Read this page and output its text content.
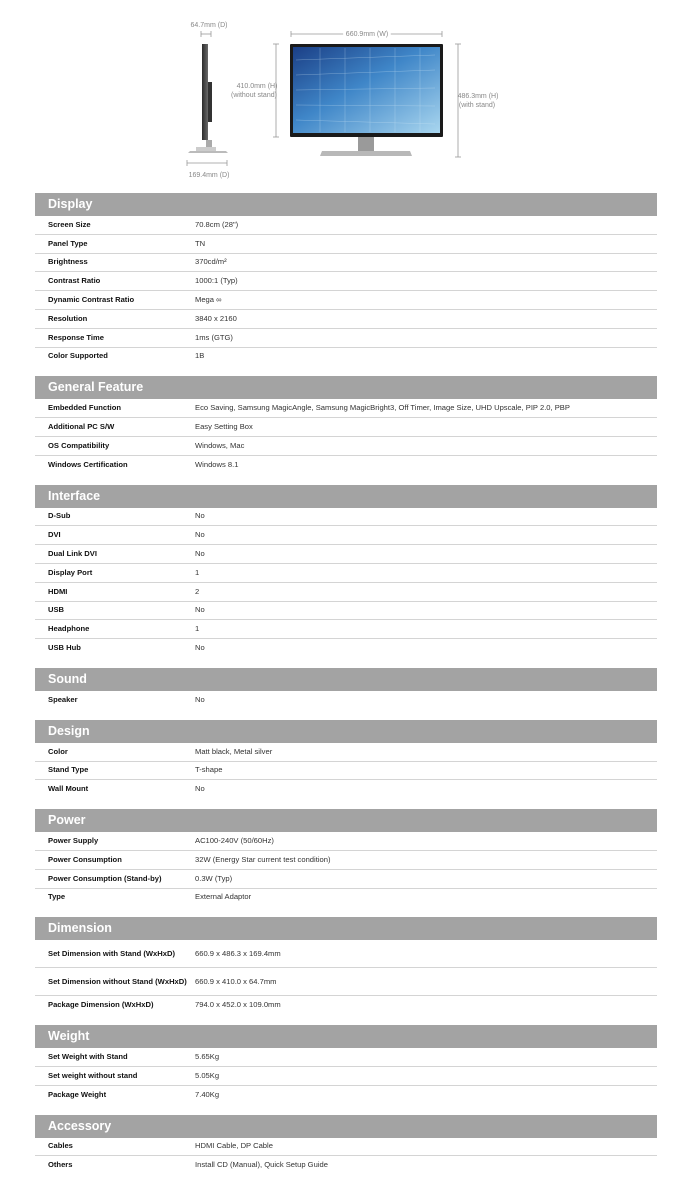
64.7mm (D)
660.9mm (W)
410.0mm (H)
(without stand)	486.3mm (H)
(with stand)
169.4mm (D)
Display
Screen Size	70.8cm (28")
Panel Type	TN
Brightness	370cd/m²
Contrast Ratio	1000:1 (Typ)
Dynamic Contrast Ratio	Mega ∞
Resolution	3840 x 2160
Response Time	1ms (GTG)
Color Supported	1B
General Feature
Embedded Function	Eco Saving, Samsung MagicAngle, Samsung MagicBright3, Off Timer, Image Size, UHD Upscale, PIP 2.0, PBP
Additional PC S/W	Easy Setting Box
OS Compatibility	Windows, Mac
Windows Certification	Windows 8.1
Interface
D-Sub	No
DVI	No
Dual Link DVI	No
Display Port	1
HDMI	2
USB	No
Headphone	1
USB Hub	No
Sound
Speaker	No
Design
Color	Matt black, Metal silver
Stand Type	T-shape
Wall Mount	No
Power
Power Supply	AC100-240V (50/60Hz)
Power Consumption	32W (Energy Star current test condition)
Power Consumption (Stand-by)	0.3W (Typ)
Type	External Adaptor
Dimension
Set Dimension with Stand (WxHxD)	660.9 x 486.3 x 169.4mm
Set Dimension without Stand (WxHxD)	660.9 x 410.0 x 64.7mm
Package Dimension (WxHxD)	794.0 x 452.0 x 109.0mm
Weight
Set Weight with Stand	5.65Kg
Set weight without stand	5.05Kg
Package Weight	7.40Kg
Accessory
Cables	HDMI Cable, DP Cable
Others	Install CD (Manual), Quick Setup Guide
